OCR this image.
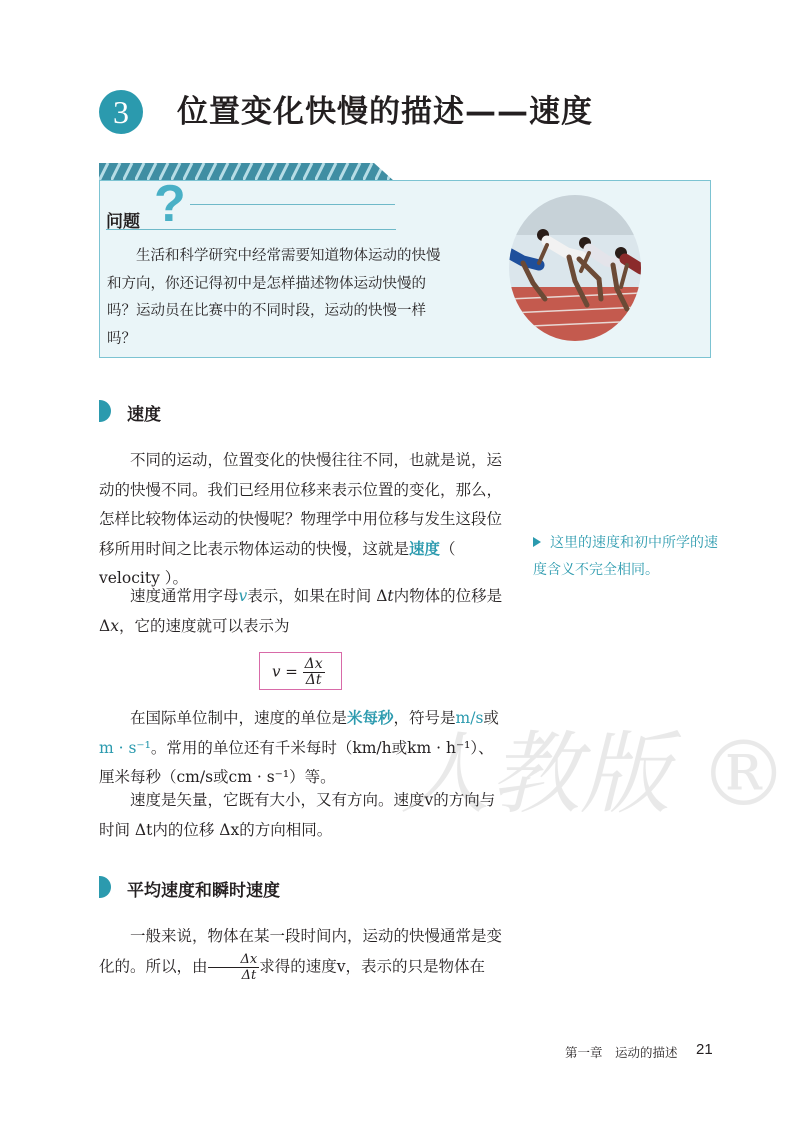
3	位置变化快慢的描述——速度
问题 ?
生活和科学研究中经常需要知道物体运动的快慢和方向，你还记得初中是怎样描述物体运动快慢的吗？运动员在比赛中的不同时段，运动的快慢一样吗？
速度
不同的运动，位置变化的快慢往往不同，也就是说，运动的快慢不同。我们已经用位移来表示位置的变化，那么，怎样比较物体运动的快慢呢？物理学中用位移与发生这段位移所用时间之比表示物体运动的快慢，这就是速度（ velocity ）。
速度通常用字母v表示，如果在时间 Δt内物体的位移是 Δx，它的速度就可以表示为
$v = \frac{\Delta x}{\Delta t}$
在国际单位制中，速度的单位是米每秒，符号是m/s或m · s⁻¹。常用的单位还有千米每时（km/h或km · h⁻¹）、厘米每秒（cm/s或cm · s⁻¹）等。
速度是矢量，它既有大小，又有方向。速度v的方向与时间 Δt内的位移 Δx的方向相同。
平均速度和瞬时速度
一般来说，物体在某一段时间内，运动的快慢通常是变化的。所以，由 $\frac{\Delta x}{\Delta t}$ 求得的速度v，表示的只是物体在
这里的速度和初中所学的速度含义不完全相同。
人教版 ®
第一章　运动的描述 21
